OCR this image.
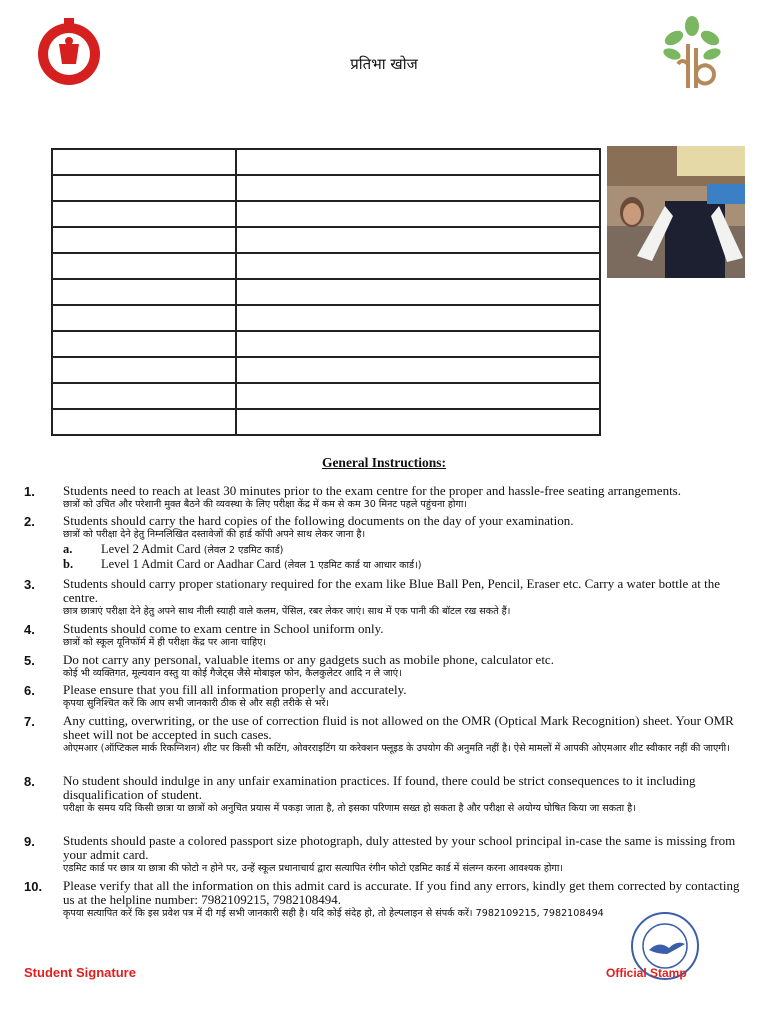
प्रतिभा खोज

General Instructions:
1. Students need to reach at least 30 minutes prior to the exam centre for the proper and hassle-free seating arrangements.
छात्रों को उचित और परेशानी मुक्त बैठने की व्यवस्था के लिए परीक्षा केंद्र में कम से कम 30 मिनट पहले पहुंचना होगा।
2. Students should carry the hard copies of the following documents on the day of your examination.
छात्रों को परीक्षा देने हेतु निम्नलिखित दस्तावेजों की हार्ड कॉपी अपने साथ लेकर जाना है।
a. Level 2 Admit Card (लेवल 2 एडमिट कार्ड)
b. Level 1 Admit Card or Aadhar Card (लेवल 1 एडमिट कार्ड या आधार कार्ड।)
3. Students should carry proper stationary required for the exam like Blue Ball Pen, Pencil, Eraser etc. Carry a water bottle at the centre.
छात्र छात्राएं परीक्षा देने हेतु अपने साथ नीली स्याही वाले कलम, पेंसिल, रबर लेकर जाएं। साथ में एक पानी की बॉटल रख सकते हैं।
4. Students should come to exam centre in School uniform only.
छात्रों को स्कूल यूनिफॉर्म में ही परीक्षा केंद्र पर आना चाहिए।
5. Do not carry any personal, valuable items or any gadgets such as mobile phone, calculator etc.
कोई भी व्यक्तिगत, मूल्यवान वस्तु या कोई गैजेट्स जैसे मोबाइल फोन, कैलकुलेटर आदि न ले जाएं।
6. Please ensure that you fill all information properly and accurately.
कृपया सुनिश्चित करें कि आप सभी जानकारी ठीक से और सही तरीके से भरें।
7. Any cutting, overwriting, or the use of correction fluid is not allowed on the OMR (Optical Mark Recognition) sheet. Your OMR sheet will not be accepted in such cases.
ओएमआर (ऑप्टिकल मार्क रिकग्निशन) शीट पर किसी भी कटिंग, ओवरराइटिंग या करेक्शन फ्लूइड के उपयोग की अनुमति नहीं है। ऐसे मामलों में आपकी ओएमआर शीट स्वीकार नहीं की जाएगी।
8. No student should indulge in any unfair examination practices. If found, there could be strict consequences to it including disqualification of student.
परीक्षा के समय यदि किसी छात्रा या छात्रों को अनुचित प्रयास में पकड़ा जाता है, तो इसका परिणाम सख्त हो सकता है और परीक्षा से अयोग्य घोषित किया जा सकता है।
9. Students should paste a colored passport size photograph, duly attested by your school principal in-case the same is missing from your admit card.
एडमिट कार्ड पर छात्र या छात्रा की फोटो न होने पर, उन्हें स्कूल प्रधानाचार्य द्वारा सत्यापित रंगीन फोटो एडमिट कार्ड में संलग्न करना आवश्यक होगा।
10. Please verify that all the information on this admit card is accurate. If you find any errors, kindly get them corrected by contacting us at the helpline number: 7982109215, 7982108494.
कृपया सत्यापित करें कि इस प्रवेश पत्र में दी गई सभी जानकारी सही है। यदि कोई संदेह हो, तो हेल्पलाइन से संपर्क करें। 7982109215, 7982108494
Student Signature	Official Stamp
